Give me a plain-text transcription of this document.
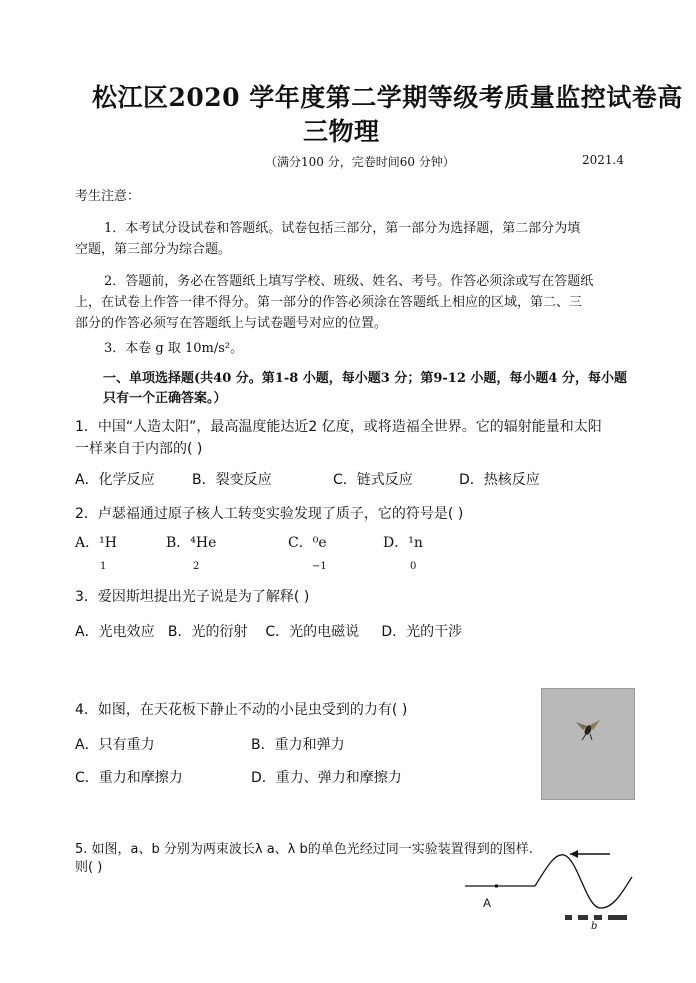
松江区2020 学年度第二学期等级考质量监控试卷高
三物理
（满分100 分，完卷时间60 分钟）	2021.4
考生注意：
1．本考试分设试卷和答题纸。试卷包括三部分，第一部分为选择题，第二部分为填
空题，第三部分为综合题。
2．答题前，务必在答题纸上填写学校、班级、姓名、考号。作答必须涂或写在答题纸
上，在试卷上作答一律不得分。第一部分的作答必须涂在答题纸上相应的区域，第二、三
部分的作答必须写在答题纸上与试卷题号对应的位置。
3．本卷 g 取 10m/s²。
一、单项选择题(共40 分。第1-8 小题，每小题3 分；第9-12 小题，每小题4 分，每小题
只有一个正确答案。）
1．中国“人造太阳”，最高温度能达近2 亿度，或将造福全世界。它的辐射能量和太阳
一样来自于内部的( )
A．化学反应	B．裂变反应	C．链式反应	D．热核反应
2．卢瑟福通过原子核人工转变实验发现了质子，它的符号是( )
A．¹H	B．⁴He	C．⁰e	D．¹n
1	2	−1	0
3．爱因斯坦提出光子说是为了解释( )
A．光电效应   B．光的衍射    C．光的电磁说     D．光的干涉
4．如图，在天花板下静止不动的小昆虫受到的力有( )
A．只有重力	B．重力和弹力
C．重力和摩擦力	D．重力、弹力和摩擦力
5. 如图，a、b 分别为两束波长λ a、λ b的单色光经过同一实验装置得到的图样.
则( )
A
b
